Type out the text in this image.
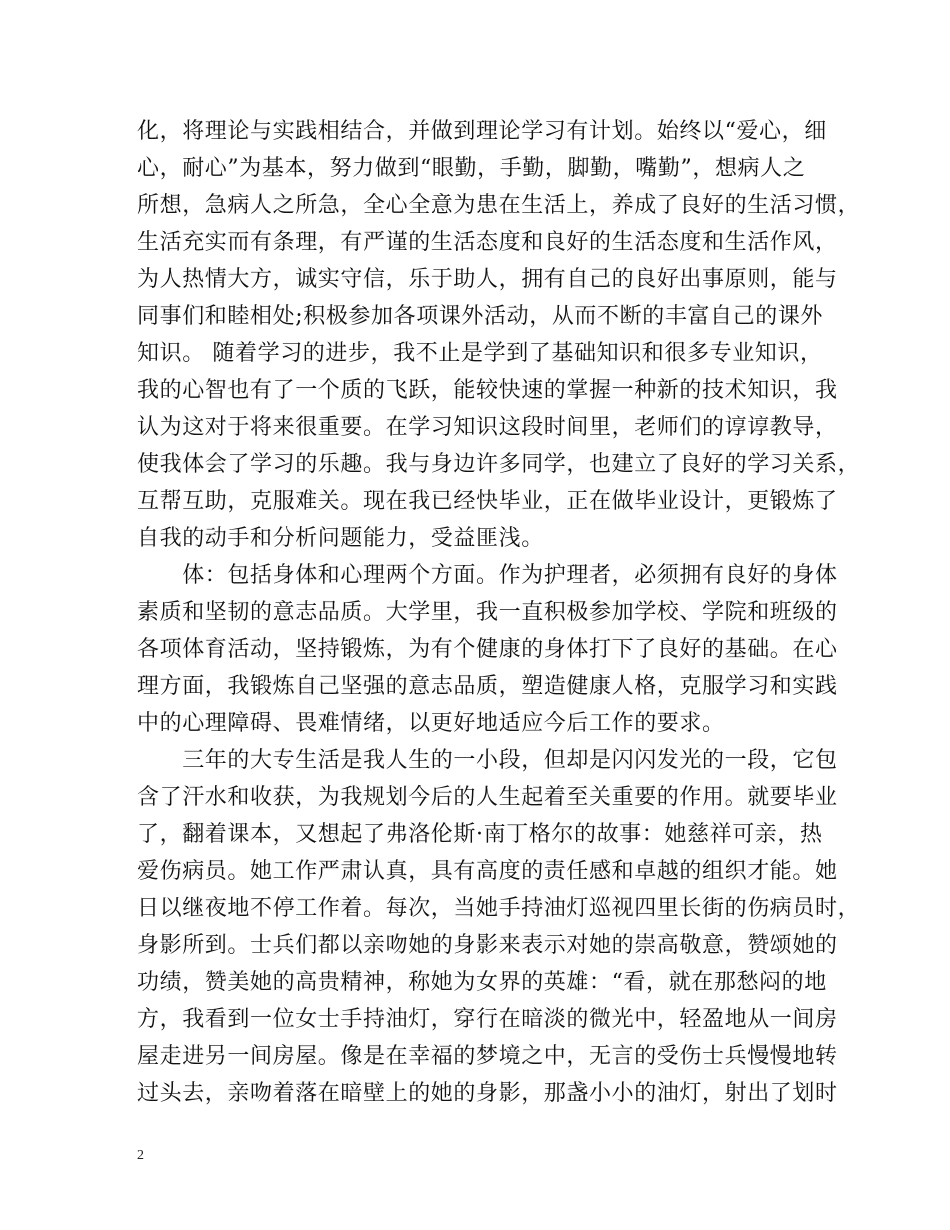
化，将理论与实践相结合，并做到理论学习有计划。始终以“爱心，细
心，耐心”为基本，努力做到“眼勤，手勤，脚勤，嘴勤”，想病人之
所想，急病人之所急，全心全意为患在生活上，养成了良好的生活习惯，
生活充实而有条理，有严谨的生活态度和良好的生活态度和生活作风，
为人热情大方，诚实守信，乐于助人，拥有自己的良好出事原则，能与
同事们和睦相处;积极参加各项课外活动，从而不断的丰富自己的课外
知识。 随着学习的进步，我不止是学到了基础知识和很多专业知识，
我的心智也有了一个质的飞跃，能较快速的掌握一种新的技术知识，我
认为这对于将来很重要。在学习知识这段时间里，老师们的谆谆教导，
使我体会了学习的乐趣。我与身边许多同学，也建立了良好的学习关系，
互帮互助，克服难关。现在我已经快毕业，正在做毕业设计，更锻炼了
自我的动手和分析问题能力，受益匪浅。
　　体：包括身体和心理两个方面。作为护理者，必须拥有良好的身体
素质和坚韧的意志品质。大学里，我一直积极参加学校、学院和班级的
各项体育活动，坚持锻炼，为有个健康的身体打下了良好的基础。在心
理方面，我锻炼自己坚强的意志品质，塑造健康人格，克服学习和实践
中的心理障碍、畏难情绪，以更好地适应今后工作的要求。
　　三年的大专生活是我人生的一小段，但却是闪闪发光的一段，它包
含了汗水和收获，为我规划今后的人生起着至关重要的作用。就要毕业
了，翻着课本，又想起了弗洛伦斯·南丁格尔的故事：她慈祥可亲，热
爱伤病员。她工作严肃认真，具有高度的责任感和卓越的组织才能。她
日以继夜地不停工作着。每次，当她手持油灯巡视四里长街的伤病员时，
身影所到。士兵们都以亲吻她的身影来表示对她的崇高敬意，赞颂她的
功绩，赞美她的高贵精神，称她为女界的英雄：“看，就在那愁闷的地
方，我看到一位女士手持油灯，穿行在暗淡的微光中，轻盈地从一间房
屋走进另一间房屋。像是在幸福的梦境之中，无言的受伤士兵慢慢地转
过头去，亲吻着落在暗壁上的她的身影，那盏小小的油灯，射出了划时
2
